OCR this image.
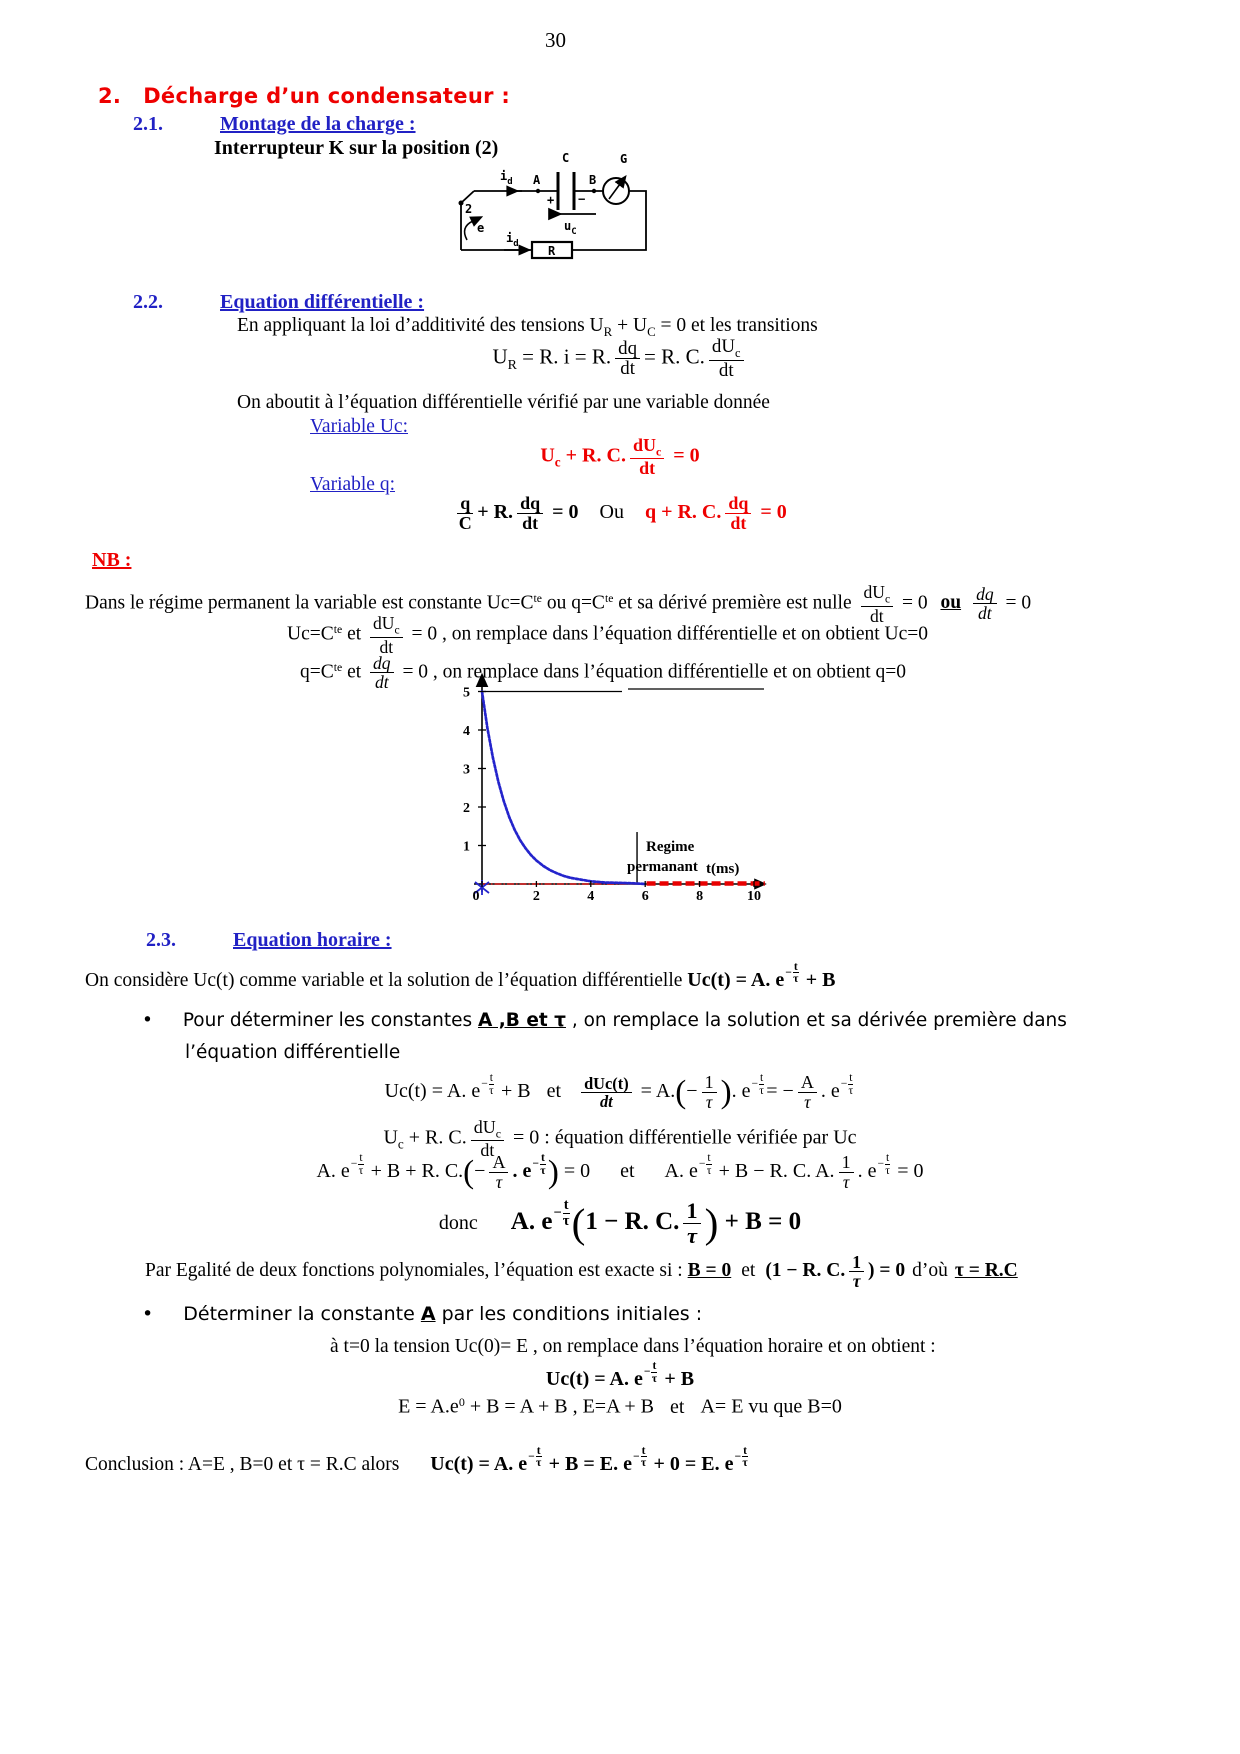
30
2. Décharge d’un condensateur :
2.1.	Montage de la charge :
Interrupteur K sur la position (2)	C
+ −
G
A	B
2
$i_d$
$u_C$
e
$i_d$ R
2.2.	Equation différentielle :
En appliquant la loi d’additivité des tensions $U_R + U_C = 0$ et les transitions
$U_R = R$. i = R. $\frac{dq}{dt} = R$. C. $dU_c$
dt
On aboutit à l’équation différentielle vérifié par une variable donnée
Variable Uc:
$U_c + R$. C. $dU_c$
dt
= 0
Variable q:
$\frac{q}{C} + R$. $\frac{dq}{dt} = 0$ Ou q + R. C. $\frac{dq}{dt} = 0$
NB :
Dans le régime permanent la variable est constante $Uc=C^{te}$ ou $q=C^{te}$ et sa dérivé première est nulle
$dU_c$
dt
= 0 ou $\frac{dq}{dt} = 0$
$Uc=C^{te}$ et
$dU_c$
dt
= 0 , on remplace dans l’équation différentielle et on obtient Uc=0
$q=C^{te}$ et $\frac{dq}{dt} = 0$ , on remplace dans l’équation différentielle et on obtient q=0
1
2
3
4
5
0	2	4	6	8	10
Regime
permanant t(ms)
2.3.	Equation horaire :
On considère Uc(t) comme variable et la solution de l’équation différentielle Uc(t) = A. $e - \frac{t}{\tau} + B$
• Pour déterminer les constantes A ,B et τ , on remplace la solution et sa dérivée première dans
l’équation différentielle
Uc(t) = A. $e - \frac{t}{\tau} + B$ et dUc(t)
dt = $A.(- \frac{1}{\tau}$ ). $e - \frac{t}{\tau}$ = − $\frac{A}{\tau}$ . $e - \frac{t}{\tau}$
$U_c + R$. C. $dU_c$
dt
= 0 : équation différentielle vérifiée par Uc
A. $e - \frac{t}{\tau} + B + R$. $C.(- \frac{A}{\tau}$ . $e - \frac{t}{\tau}$ ) = 0 et A. $e - \frac{t}{\tau} + B - R$. C. A. $\frac{1}{\tau}$ . $e - \frac{t}{\tau} = 0$
donc A. $e - \frac{t}{\tau} (1 - R$. C. $\frac{1}{\tau}$ ) + B = 0
Par Egalité de deux fonctions polynomiales, l’équation est exacte si : B = 0 et (1 − R. C. $\frac{1}{\tau}$ ) = 0 d’où τ = R.C
• Déterminer la constante A par les conditions initiales :
à t=0 la tension Uc(0)= E , on remplace dans l’équation horaire et on obtient :
Uc(t) = A. $e - \frac{t}{\tau} + B$
$E = A.e^0 + B = A + B$ , E=A + B et A= E vu que B=0
Conclusion : A=E , B=0 et τ = R.C alors Uc(t) = A. $e - \frac{t}{\tau} + B = E$. $e - \frac{t}{\tau} + 0 = E$. $e - \frac{t}{\tau}$
